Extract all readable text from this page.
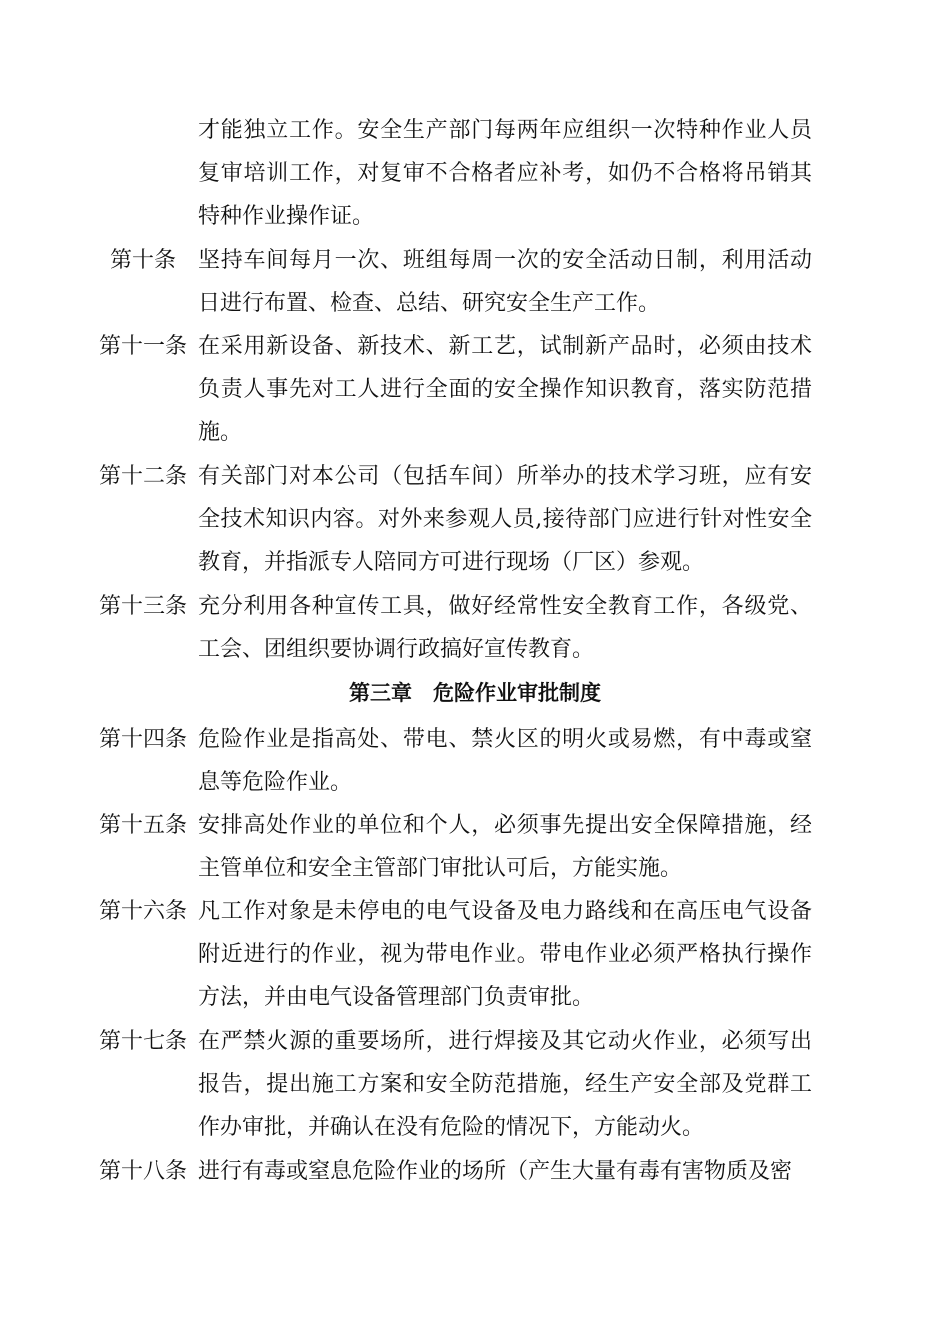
才能独立工作。安全生产部门每两年应组织一次特种作业人员复审培训工作，对复审不合格者应补考，如仍不合格将吊销其特种作业操作证。
第十条 坚持车间每月一次、班组每周一次的安全活动日制，利用活动日进行布置、检查、总结、研究安全生产工作。
第十一条 在采用新设备、新技术、新工艺，试制新产品时，必须由技术负责人事先对工人进行全面的安全操作知识教育，落实防范措施。
第十二条 有关部门对本公司（包括车间）所举办的技术学习班，应有安全技术知识内容。对外来参观人员,接待部门应进行针对性安全教育，并指派专人陪同方可进行现场（厂区）参观。
第十三条 充分利用各种宣传工具，做好经常性安全教育工作，各级党、工会、团组织要协调行政搞好宣传教育。
第三章　危险作业审批制度
第十四条 危险作业是指高处、带电、禁火区的明火或易燃，有中毒或窒息等危险作业。
第十五条 安排高处作业的单位和个人，必须事先提出安全保障措施，经主管单位和安全主管部门审批认可后，方能实施。
第十六条 凡工作对象是未停电的电气设备及电力路线和在高压电气设备附近进行的作业，视为带电作业。带电作业必须严格执行操作方法，并由电气设备管理部门负责审批。
第十七条 在严禁火源的重要场所，进行焊接及其它动火作业，必须写出报告，提出施工方案和安全防范措施，经生产安全部及党群工作办审批，并确认在没有危险的情况下，方能动火。
第十八条 进行有毒或窒息危险作业的场所（产生大量有毒有害物质及密
